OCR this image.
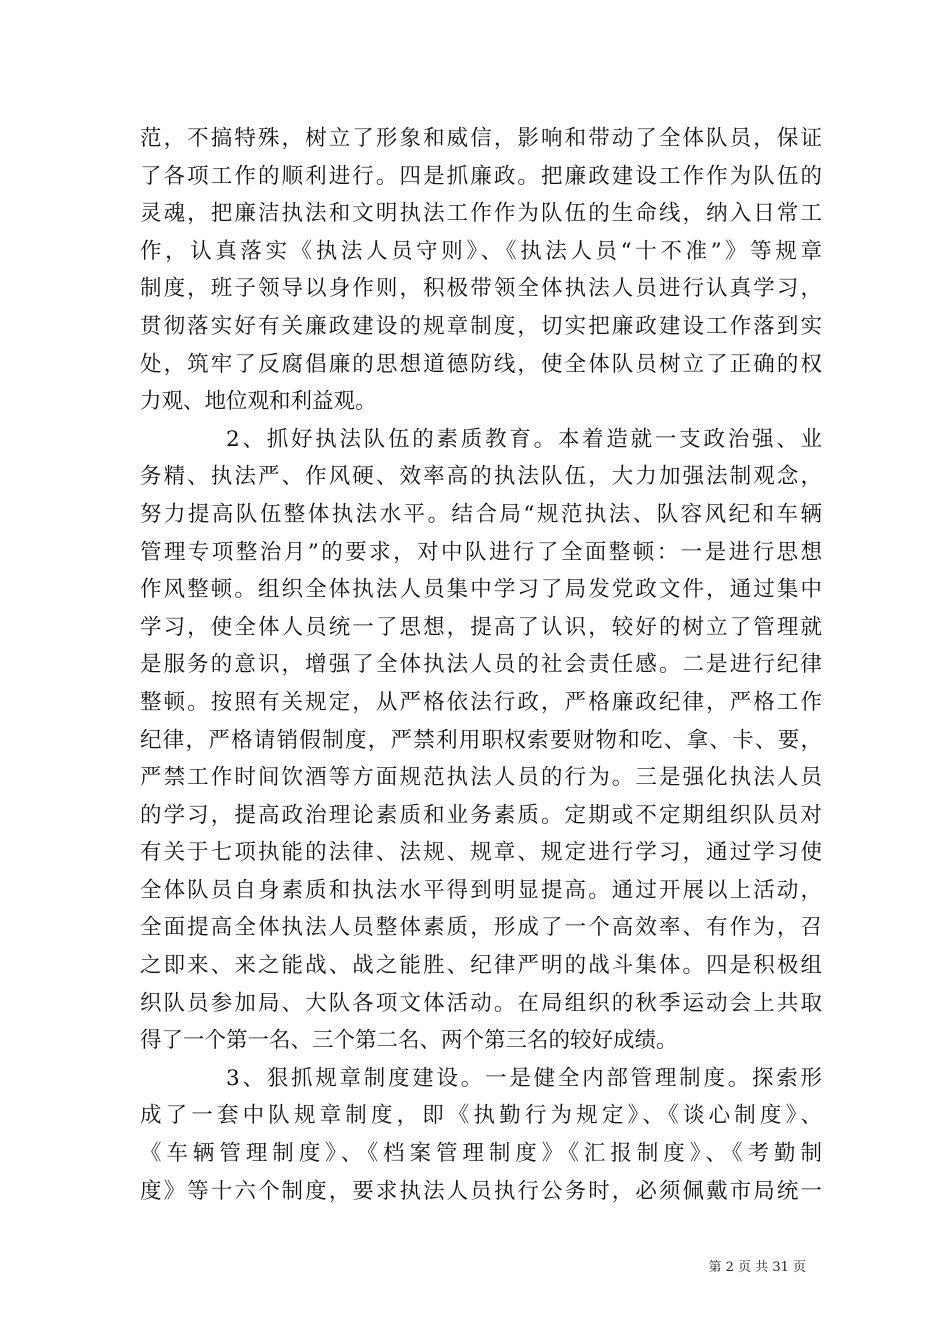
范，不搞特殊，树立了形象和威信，影响和带动了全体队员，保证
了各项工作的顺利进行。四是抓廉政。把廉政建设工作作为队伍的
灵魂，把廉洁执法和文明执法工作作为队伍的生命线，纳入日常工
作，认真落实《执法人员守则》、《执法人员“十不准”》等规章
制度，班子领导以身作则，积极带领全体执法人员进行认真学习，
贯彻落实好有关廉政建设的规章制度，切实把廉政建设工作落到实
处，筑牢了反腐倡廉的思想道德防线，使全体队员树立了正确的权
力观、地位观和利益观。
2、抓好执法队伍的素质教育。本着造就一支政治强、业
务精、执法严、作风硬、效率高的执法队伍，大力加强法制观念，
努力提高队伍整体执法水平。结合局“规范执法、队容风纪和车辆
管理专项整治月”的要求，对中队进行了全面整顿：一是进行思想
作风整顿。组织全体执法人员集中学习了局发党政文件，通过集中
学习，使全体人员统一了思想，提高了认识，较好的树立了管理就
是服务的意识，增强了全体执法人员的社会责任感。二是进行纪律
整顿。按照有关规定，从严格依法行政，严格廉政纪律，严格工作
纪律，严格请销假制度，严禁利用职权索要财物和吃、拿、卡、要，
严禁工作时间饮酒等方面规范执法人员的行为。三是强化执法人员
的学习，提高政治理论素质和业务素质。定期或不定期组织队员对
有关于七项执能的法律、法规、规章、规定进行学习，通过学习使
全体队员自身素质和执法水平得到明显提高。通过开展以上活动，
全面提高全体执法人员整体素质，形成了一个高效率、有作为，召
之即来、来之能战、战之能胜、纪律严明的战斗集体。四是积极组
织队员参加局、大队各项文体活动。在局组织的秋季运动会上共取
得了一个第一名、三个第二名、两个第三名的较好成绩。
3、狠抓规章制度建设。一是健全内部管理制度。探索形
成了一套中队规章制度，即《执勤行为规定》、《谈心制度》、
《车辆管理制度》、《档案管理制度》《汇报制度》、《考勤制
度》等十六个制度，要求执法人员执行公务时，必须佩戴市局统一
第 2 页 共 31 页
